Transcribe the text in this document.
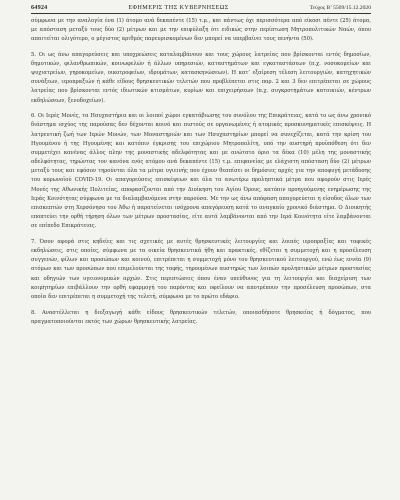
64924	ΕΦΗΜΕΡΙΣ ΤΗΣ ΚΥΒΕΡΝΗΣΕΩΣ	Τεύχος Β’ 5509/15.12.2020

σύμφωνα με την αναλογία ένα (1) άτομο ανά δεκαπέντε (15) τ.μ., και πάντως όχι περισσότερα από είκοσι πέντε (25) άτομα, με απόσταση μεταξύ τους δύο (2) μέτρων και με την επιφύλαξη ότι ειδικώς στην περίπτωση Μητροπολιτικών Ναών, όπου απαιτείται ολιγότερο, ο μέγιστος αριθμός παρευρισκομένων δεν μπορεί να υπερβαίνει τους πενήντα (50).

5. Οι ως άνω απαγορεύσεις και υποχρεώσεις καταλαμβάνουν και τους χώρους λατρείας που βρίσκονται εντός δημοσίων, δημοτικών, φιλανθρωπικών, κοινωφελών ή άλλων υπηρεσιών, καταστημάτων και εγκαταστάσεων (π.χ. νοσοκομείων και ψυχιατρείων, γηροκομείων, οικοτροφείων, ιδρυμάτων, κατασκηνώσεων). Η κατ’ εξαίρεση τέλεση λειτουργιών, κατηχητικών συνάξεων, ιεροπραξιών ή κάθε είδους θρησκευτικών τελετών που προβλέπεται στις παρ. 2 και 3 δεν επιτρέπεται σε χώρους λατρείας που βρίσκονται εντός ιδιωτικών κτισμάτων, κυρίων και επιχειρήσεων (π.χ. συγκροτημάτων κατοικιών, κέντρων εκδηλώσεων, ξενοδοχείων).

6. Οι Ιερές Μονές, τα Ησυχαστήρια και οι λοιποί χώροι εγκατάβιωσης του συνόλου της Επικράτειας, κατά το ως άνω χρονικό διάστημα ισχύος της παρούσας δεν δέχονται κοινό και πιστούς σε οργανωμένες ή ατομικές προσκυνηματικές επισκέψεις. Η λατρευτική ζωή των Ιερών Μονών, των Μοναστηριών και των Ησυχαστηρίων μπορεί να συνεχίζεται, κατά την κρίση του Ηγουμένου ή της Ηγουμένης και κατόπιν έγκρισης του επιχώριου Μητροπολίτη, υπό την αυστηρή προϋπόθεση ότι δεν συμμετέχει κανένας άλλος πλην της μοναστικής αδελφότητας και με ανώτατο όριο τα δέκα (10) μέλη της μοναστικής αδελφότητας, τηρώντας τον κανόνα ενός ατόμου ανά δεκαπέντε (15) τ.μ. επιφανείας με ελάχιστη απόσταση δύο (2) μέτρων μεταξύ τους και εφόσον τηρούνται όλα τα μέτρα υγιεινής που έχουν θεσπίσει οι δημόσιες αρχές για την αποφυγή μετάδοσης του κορωνοϊού COVID-19. Οι απαγορεύσεις επισκέψεων και όλα τα ανωτέρω προληπτικά μέτρα που αφορούν στις Ιερές Μονές της Αθωνικής Πολιτείας, αποφασίζονται από την Διοίκηση του Αγίου Όρους, κατόπιν προηγούμενης ενημέρωσης της Ιεράς Κοινότητας σύμφωνα με τα διαλαμβανόμενα στην παρούσα. Με την ως άνω απόφαση απαγορεύεται η είσοδος όλων των επισκεπτών στη Χερσόνησο του Άθω ή παρατείνεται ισόχρονα απαγόρευση κατά το αναγκαίο χρονικό διάστημα. Ο Διοικητής εποπτεύει την ορθή τήρηση όλων των μέτρων προστασίας, είτε αυτά λαμβάνονται από την Ιερά Κοινότητα είτε λαμβάνονται σε επίπεδο Επικράτειας.

7. Όσον αφορά στις κηδείες και τις σχετικές με αυτές θρησκευτικές λειτουργίες και λοιπές ιεροπραξίες και ταφικές εκδηλώσεις, στις οποίες, σύμφωνα με τα οικεία θρησκευτικά ήθη και πρακτικές, εθίζεται η συμμετοχή και η προσέλευση συγγενών, φίλων και προσώπων και κοινού, επιτρέπεται η συμμετοχή μόνο του θρησκευτικού λειτουργού, ενώ έως εννέα (9) ατόμων και των προσώπων που επιμελούνται της ταφής, τηρουμένων αυστηρώς των λοιπών προληπτικών μέτρων προστασίας και οδηγιών των υγειονομικών αρχών. Στις περιπτώσεις όπου έναν υπεύθυνος για τη λειτουργία και διαχείριση των κοιμητηρίων επιβάλλουν την ορθή εφαρμογή του παρόντος και οφείλουν να αποτρέπουν την προσέλευση προσώπων, στα οποία δεν επιτρέπεται η συμμετοχή της τελετή, σύμφωνα με το πρώτο εδάφιο.

8. Αναστέλλεται η διεξαγωγή κάθε είδους θρησκευτικών τελετών, οποιασδήποτε θρησκείας ή δόγματος, που πραγματοποιούνται εκτός των χώρων θρησκευτικής λατρείας.
